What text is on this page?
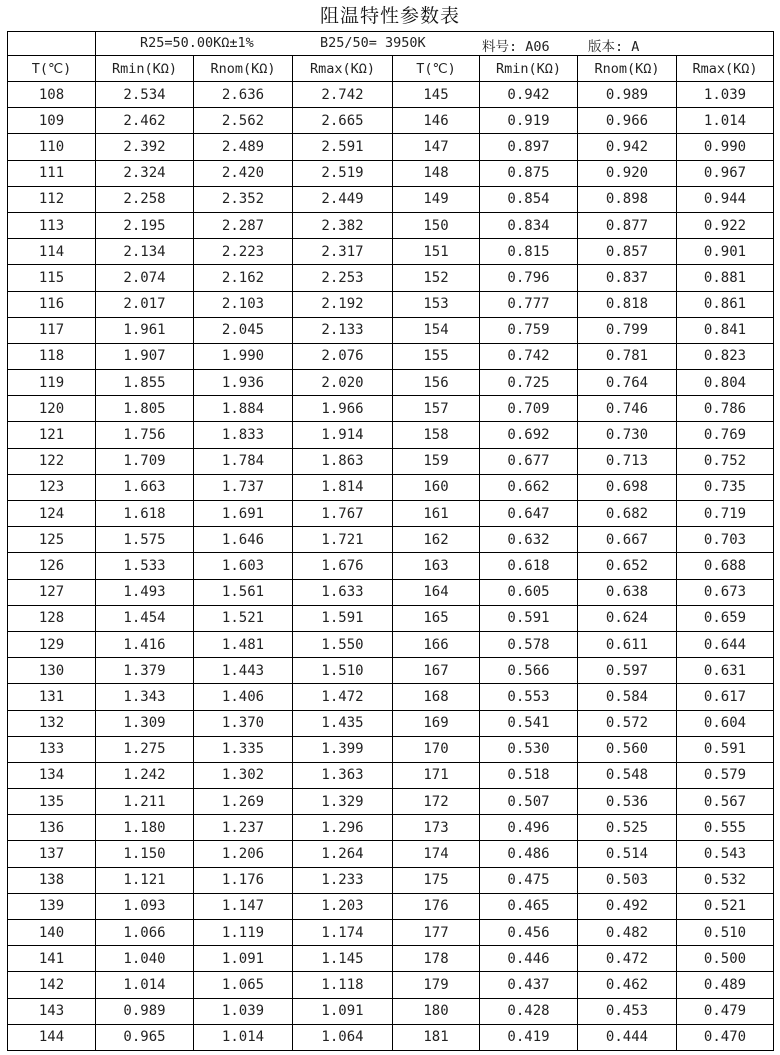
阻温特性参数表

	R25=50.00KΩ±1% B25/50= 3950K 料号: A06 版本: A						

T(℃)	Rmin(KΩ)	Rnom(KΩ)	Rmax(KΩ)	T(℃)	Rmin(KΩ)	Rnom(KΩ)	Rmax(KΩ)
108	2.534	2.636	2.742	145	0.942	0.989	1.039
109	2.462	2.562	2.665	146	0.919	0.966	1.014
110	2.392	2.489	2.591	147	0.897	0.942	0.990
111	2.324	2.420	2.519	148	0.875	0.920	0.967
112	2.258	2.352	2.449	149	0.854	0.898	0.944
113	2.195	2.287	2.382	150	0.834	0.877	0.922
114	2.134	2.223	2.317	151	0.815	0.857	0.901
115	2.074	2.162	2.253	152	0.796	0.837	0.881
116	2.017	2.103	2.192	153	0.777	0.818	0.861
117	1.961	2.045	2.133	154	0.759	0.799	0.841
118	1.907	1.990	2.076	155	0.742	0.781	0.823
119	1.855	1.936	2.020	156	0.725	0.764	0.804
120	1.805	1.884	1.966	157	0.709	0.746	0.786
121	1.756	1.833	1.914	158	0.692	0.730	0.769
122	1.709	1.784	1.863	159	0.677	0.713	0.752
123	1.663	1.737	1.814	160	0.662	0.698	0.735
124	1.618	1.691	1.767	161	0.647	0.682	0.719
125	1.575	1.646	1.721	162	0.632	0.667	0.703
126	1.533	1.603	1.676	163	0.618	0.652	0.688
127	1.493	1.561	1.633	164	0.605	0.638	0.673
128	1.454	1.521	1.591	165	0.591	0.624	0.659
129	1.416	1.481	1.550	166	0.578	0.611	0.644
130	1.379	1.443	1.510	167	0.566	0.597	0.631
131	1.343	1.406	1.472	168	0.553	0.584	0.617
132	1.309	1.370	1.435	169	0.541	0.572	0.604
133	1.275	1.335	1.399	170	0.530	0.560	0.591
134	1.242	1.302	1.363	171	0.518	0.548	0.579
135	1.211	1.269	1.329	172	0.507	0.536	0.567
136	1.180	1.237	1.296	173	0.496	0.525	0.555
137	1.150	1.206	1.264	174	0.486	0.514	0.543
138	1.121	1.176	1.233	175	0.475	0.503	0.532
139	1.093	1.147	1.203	176	0.465	0.492	0.521
140	1.066	1.119	1.174	177	0.456	0.482	0.510
141	1.040	1.091	1.145	178	0.446	0.472	0.500
142	1.014	1.065	1.118	179	0.437	0.462	0.489
143	0.989	1.039	1.091	180	0.428	0.453	0.479
144	0.965	1.014	1.064	181	0.419	0.444	0.470
